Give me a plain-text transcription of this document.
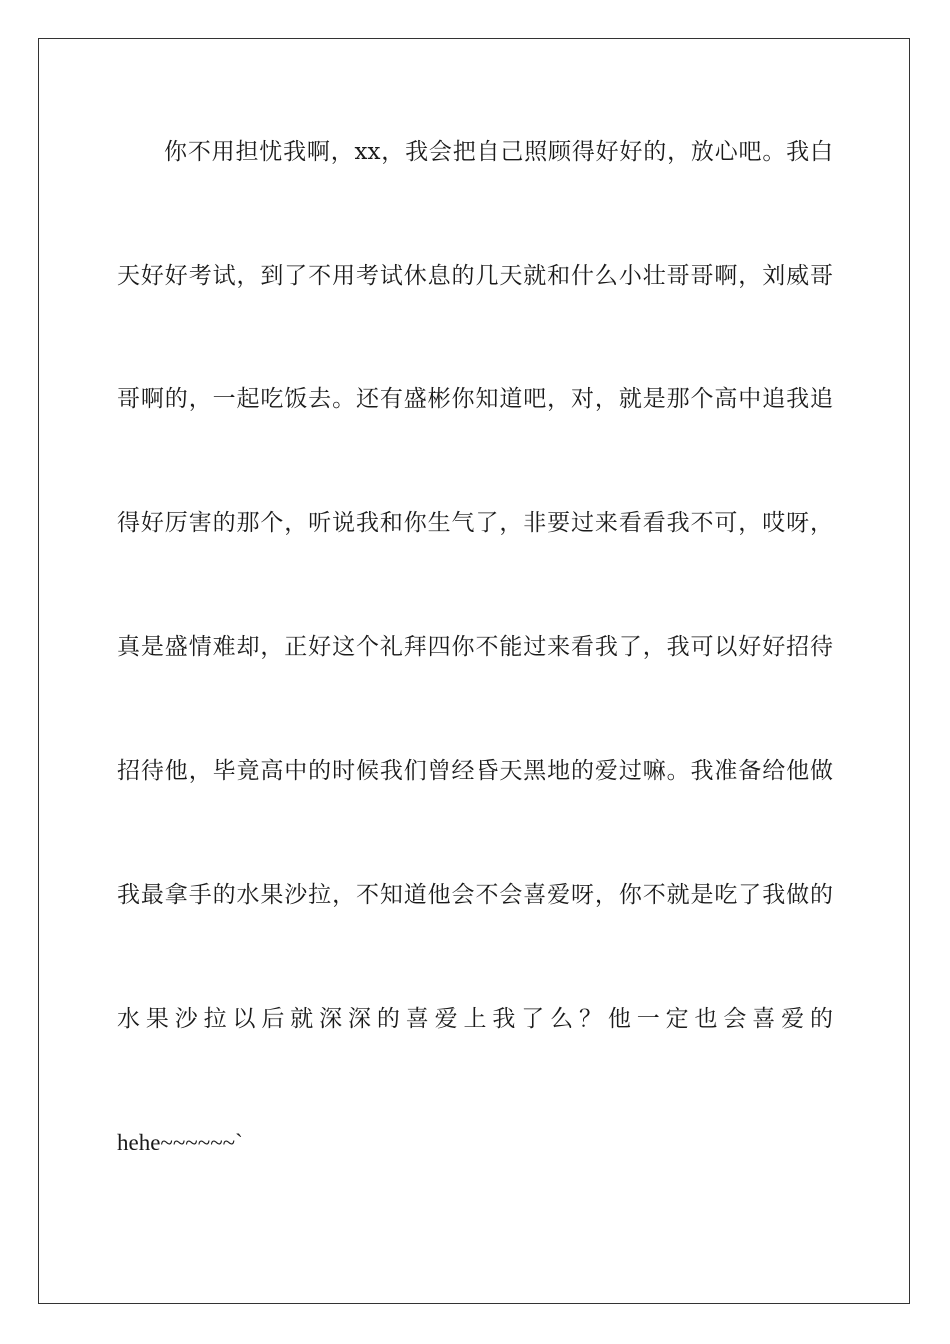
你不用担忧我啊，xx，我会把自己照顾得好好的，放心吧。我白
天好好考试，到了不用考试休息的几天就和什么小壮哥哥啊，刘威哥
哥啊的，一起吃饭去。还有盛彬你知道吧，对，就是那个高中追我追
得好厉害的那个，听说我和你生气了，非要过来看看我不可，哎呀，
真是盛情难却，正好这个礼拜四你不能过来看我了，我可以好好招待
招待他，毕竟高中的时候我们曾经昏天黑地的爱过嘛。我准备给他做
我最拿手的水果沙拉，不知道他会不会喜爱呀，你不就是吃了我做的
水果沙拉以后就深深的喜爱上我了么？他一定也会喜爱的
hehe~~~~~~`
